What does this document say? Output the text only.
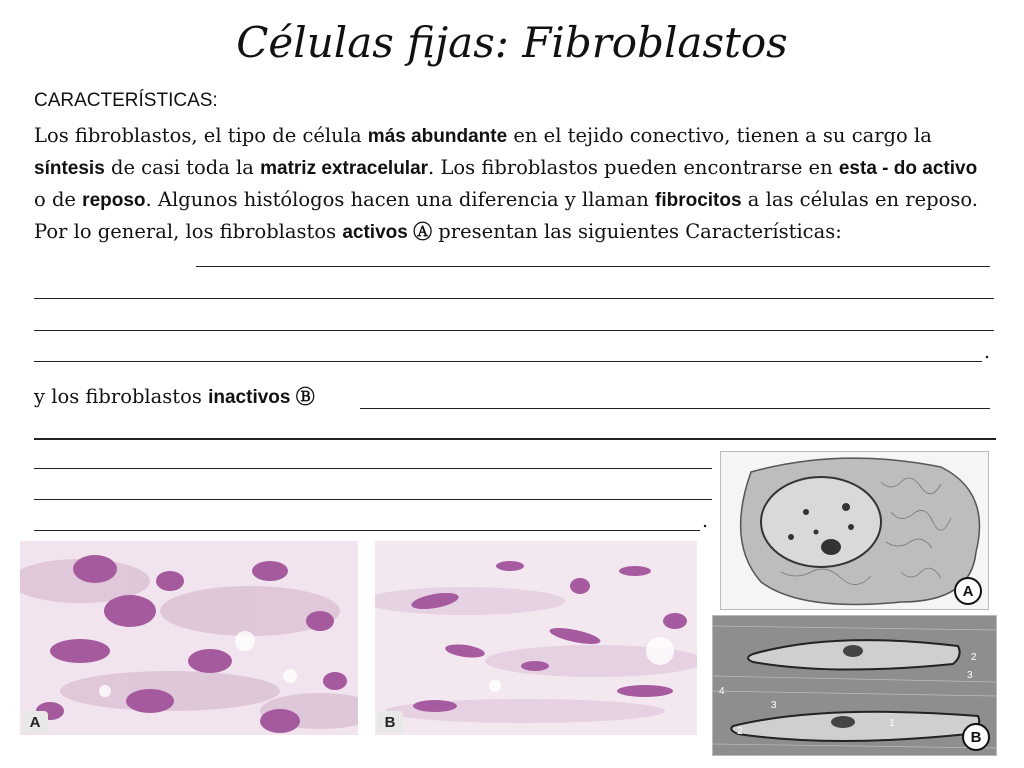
Células fijas: Fibroblastos
CARACTERÍSTICAS:
Los fibroblastos, el tipo de célula más abundante en el tejido conectivo, tienen a su cargo la síntesis de casi toda la matriz extracelular. Los fibroblastos pueden encontrarse en esta - do activo o de reposo. Algunos histólogos hacen una diferencia y llaman fibrocitos a las células en reposo. Por lo general, los fibroblastos activos Ⓐ presentan las siguientes Características:
.
y los fibroblastos inactivos Ⓑ
.
A	B
A
2
3
4
3
2
1
B
